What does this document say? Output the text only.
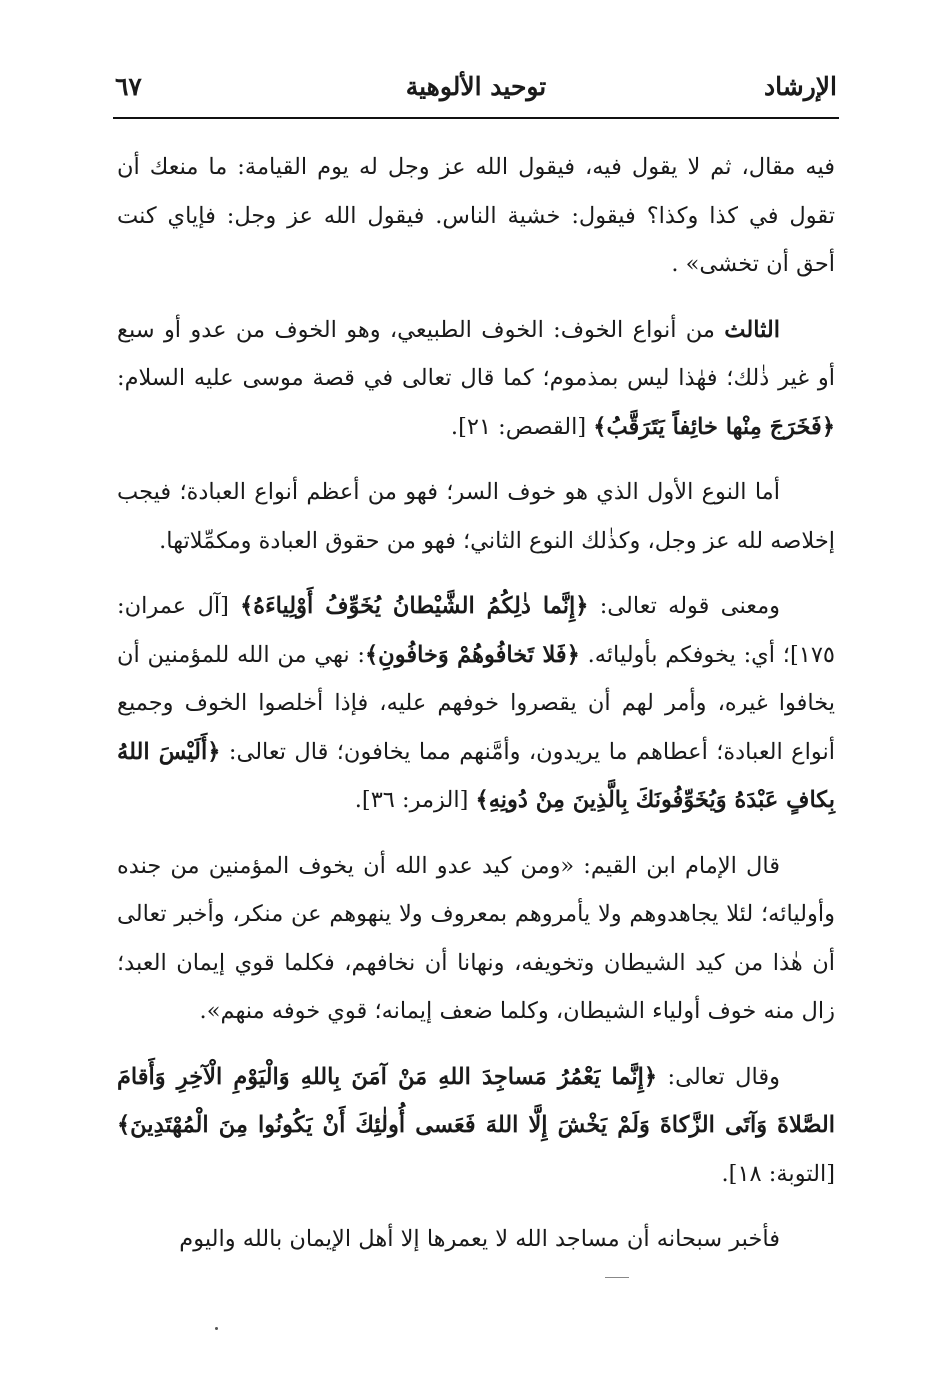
الإرشاد
توحيد الألوهية
٦٧

فيه مقال، ثم لا يقول فيه، فيقول الله عز وجل له يوم القيامة: ما منعك أن تقول في كذا وكذا؟ فيقول: خشية الناس. فيقول الله عز وجل: فإياي كنت أحق أن تخشى» .

الثالث من أنواع الخوف: الخوف الطبيعي، وهو الخوف من عدو أو سبع أو غير ذٰلك؛ فهٰذا ليس بمذموم؛ كما قال تعالى في قصة موسى عليه السلام: ﴿فَخَرَجَ مِنْها خائِفاً يَتَرَقَّبُ﴾ [القصص: ٢١].

أما النوع الأول الذي هو خوف السر؛ فهو من أعظم أنواع العبادة؛ فيجب إخلاصه لله عز وجل، وكذٰلك النوع الثاني؛ فهو من حقوق العبادة ومكمِّلاتها.

ومعنى قوله تعالى: ﴿إِنَّما ذٰلِكُمُ الشَّيْطانُ يُخَوِّفُ أَوْلِياءَهُ﴾ [آل عمران: ١٧٥]؛ أي: يخوفكم بأوليائه. ﴿فَلا تَخافُوهُمْ وَخافُونِ﴾: نهي من الله للمؤمنين أن يخافوا غيره، وأمر لهم أن يقصروا خوفهم عليه، فإذا أخلصوا الخوف وجميع أنواع العبادة؛ أعطاهم ما يريدون، وأمَّنهم مما يخافون؛ قال تعالى: ﴿أَلَيْسَ اللهُ بِكافٍ عَبْدَهُ وَيُخَوِّفُونَكَ بِالَّذِينَ مِنْ دُونِهِ﴾ [الزمر: ٣٦].

قال الإمام ابن القيم: «ومن كيد عدو الله أن يخوف المؤمنين من جنده وأوليائه؛ لئلا يجاهدوهم ولا يأمروهم بمعروف ولا ينهوهم عن منكر، وأخبر تعالى أن هٰذا من كيد الشيطان وتخويفه، ونهانا أن نخافهم، فكلما قوي إيمان العبد؛ زال منه خوف أولياء الشيطان، وكلما ضعف إيمانه؛ قوي خوفه منهم».

وقال تعالى: ﴿إِنَّما يَعْمُرُ مَساجِدَ اللهِ مَنْ آمَنَ بِاللهِ وَالْيَوْمِ الْآخِرِ وَأَقامَ الصَّلاةَ وَآتَى الزَّكاةَ وَلَمْ يَخْشَ إِلَّا اللهَ فَعَسى أُولٰئِكَ أَنْ يَكُونُوا مِنَ الْمُهْتَدِينَ﴾ [التوبة: ١٨].

فأخبر سبحانه أن مساجد الله لا يعمرها إلا أهل الإيمان بالله واليوم
